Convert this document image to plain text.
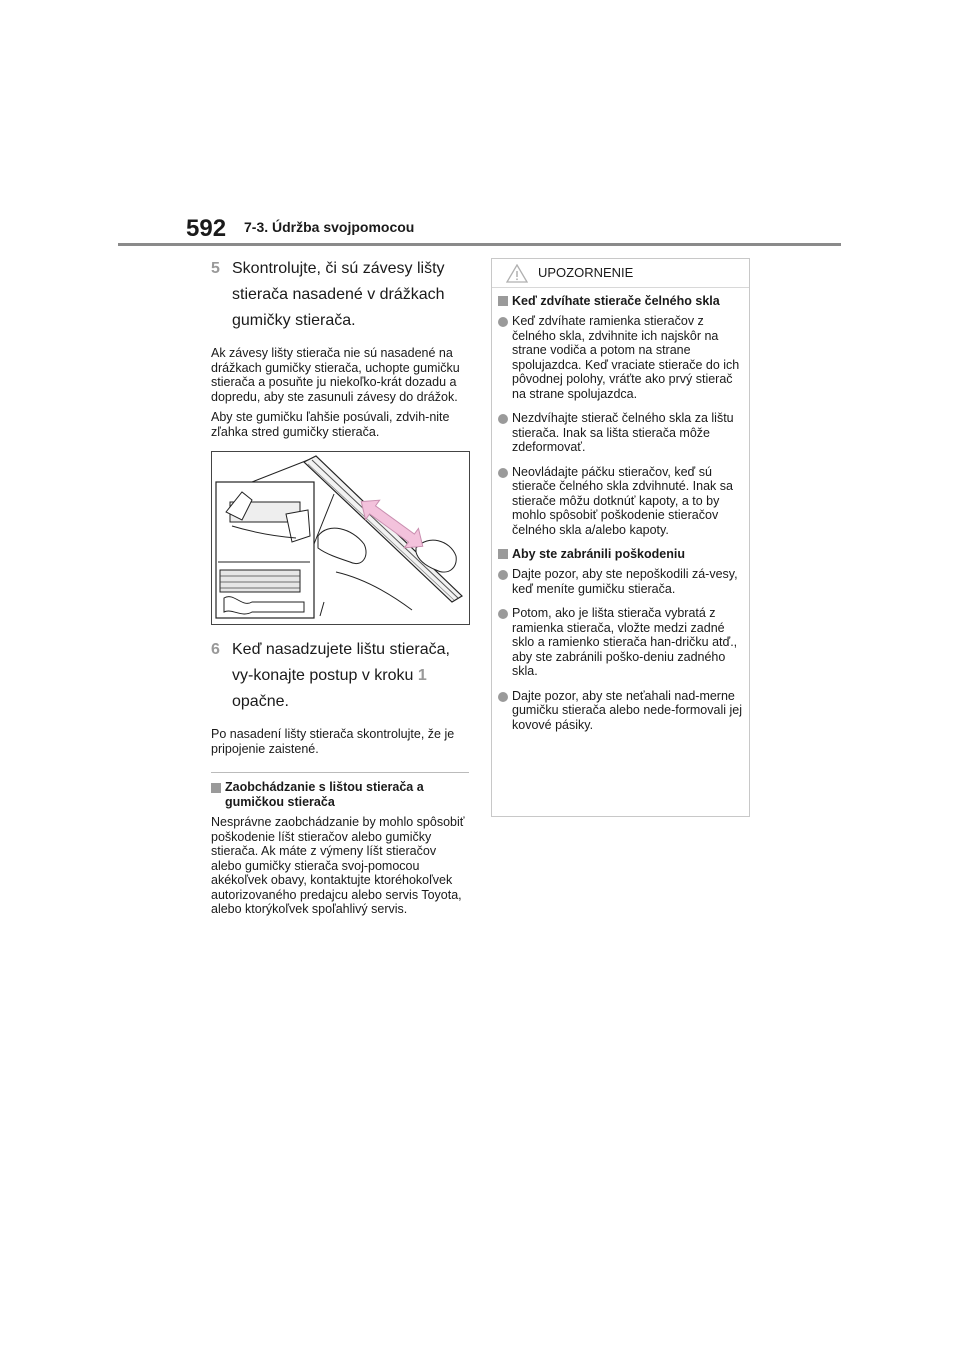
592 7-3. Údržba svojpomocou
5 Skontrolujte, či sú závesy lišty stierača nasadené v drážkach gumičky stierača.

Ak závesy lišty stierača nie sú nasadené na drážkach gumičky stierača, uchopte gumičku stierača a posuňte ju niekoľko-krát dozadu a dopredu, aby ste zasunuli závesy do drážok.

Aby ste gumičku ľahšie posúvali, zdvih-nite zľahka stred gumičky stierača.

6 Keď nasadzujete lištu stierača, vy-konajte postup v kroku 1 opačne.

Po nasadení lišty stierača skontrolujte, že je pripojenie zaistené.

Zaobchádzanie s lištou stierača a gumičkou stierača

Nesprávne zaobchádzanie by mohlo spôsobiť poškodenie líšt stieračov alebo gumičky stierača. Ak máte z výmeny líšt stieračov alebo gumičky stierača svoj-pomocou akékoľvek obavy, kontaktujte ktoréhokoľvek autorizovaného predajcu alebo servis Toyota, alebo ktorýkoľvek spoľahlivý servis.

UPOZORNENIE
Keď zdvíhate stierače čelného skla
Keď zdvíhate ramienka stieračov z čelného skla, zdvihnite ich najskôr na strane vodiča a potom na strane spolujazdca. Keď vraciate stierače do ich pôvodnej polohy, vráťte ako prvý stierač na strane spolujazdca.
Nezdvíhajte stierač čelného skla za lištu stierača. Inak sa lišta stierača môže zdeformovať.
Neovládajte páčku stieračov, keď sú stierače čelného skla zdvihnuté. Inak sa stierače môžu dotknúť kapoty, a to by mohlo spôsobiť poškodenie stieračov čelného skla a/alebo kapoty.
Aby ste zabránili poškodeniu
Dajte pozor, aby ste nepoškodili zá-vesy, keď meníte gumičku stierača.
Potom, ako je lišta stierača vybratá z ramienka stierača, vložte medzi zadné sklo a ramienko stierača han-dričku atď., aby ste zabránili poško-deniu zadného skla.
Dajte pozor, aby ste neťahali nad-merne gumičku stierača alebo nede-formovali jej kovové pásiky.
